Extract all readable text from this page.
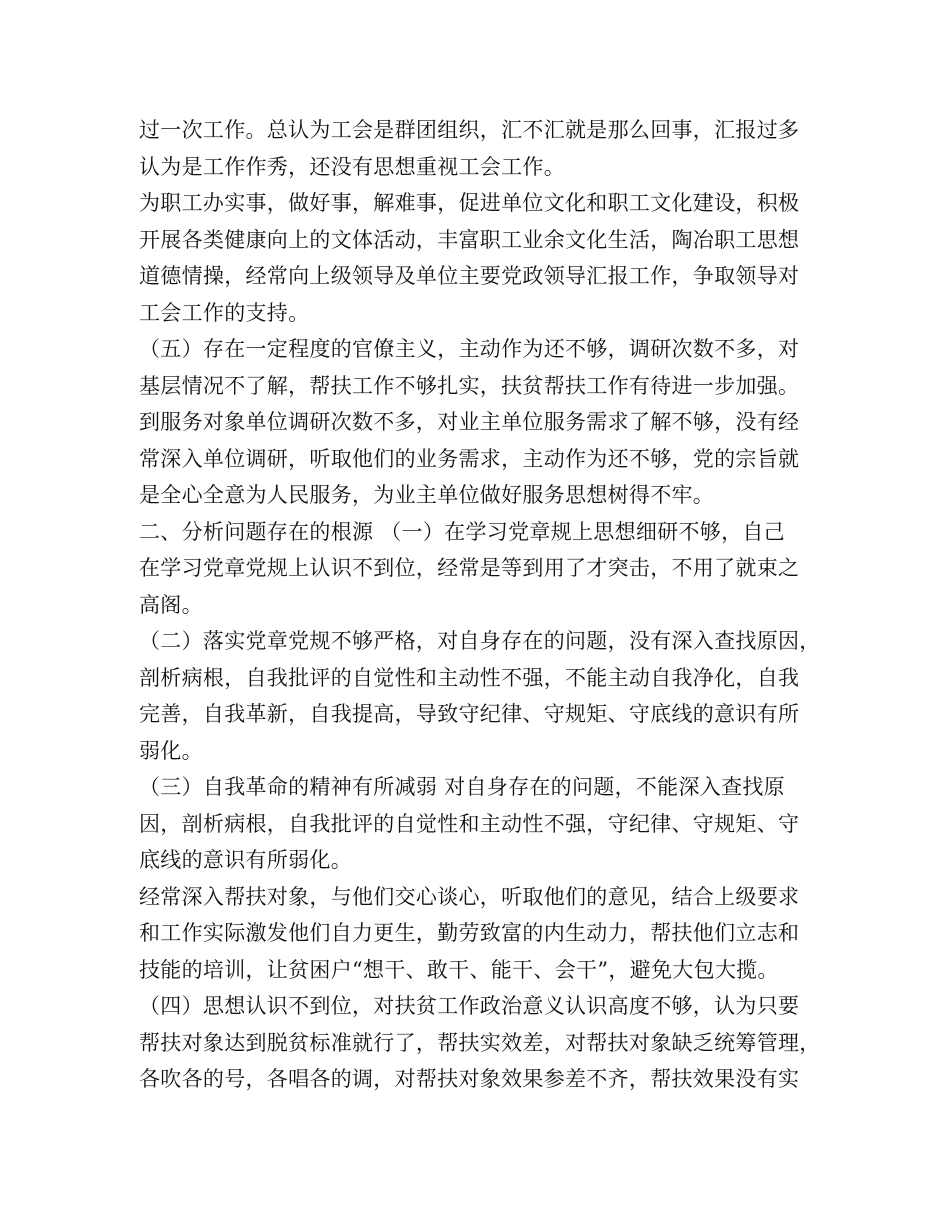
过一次工作。总认为工会是群团组织，汇不汇就是那么回事，汇报过多
认为是工作作秀，还没有思想重视工会工作。
为职工办实事，做好事，解难事，促进单位文化和职工文化建设，积极
开展各类健康向上的文体活动，丰富职工业余文化生活，陶冶职工思想
道德情操，经常向上级领导及单位主要党政领导汇报工作，争取领导对
工会工作的支持。
（五）存在一定程度的官僚主义，主动作为还不够，调研次数不多，对
基层情况不了解，帮扶工作不够扎实，扶贫帮扶工作有待进一步加强。
到服务对象单位调研次数不多，对业主单位服务需求了解不够，没有经
常深入单位调研，听取他们的业务需求，主动作为还不够，党的宗旨就
是全心全意为人民服务，为业主单位做好服务思想树得不牢。
二、分析问题存在的根源 （一）在学习党章规上思想细研不够，自己
在学习党章党规上认识不到位，经常是等到用了才突击，不用了就束之
高阁。
（二）落实党章党规不够严格，对自身存在的问题，没有深入查找原因，
剖析病根，自我批评的自觉性和主动性不强，不能主动自我净化，自我
完善，自我革新，自我提高，导致守纪律、守规矩、守底线的意识有所
弱化。
（三）自我革命的精神有所减弱 对自身存在的问题，不能深入查找原
因，剖析病根，自我批评的自觉性和主动性不强，守纪律、守规矩、守
底线的意识有所弱化。
经常深入帮扶对象，与他们交心谈心，听取他们的意见，结合上级要求
和工作实际激发他们自力更生，勤劳致富的内生动力，帮扶他们立志和
技能的培训，让贫困户“想干、敢干、能干、会干”，避免大包大揽。
（四）思想认识不到位，对扶贫工作政治意义认识高度不够，认为只要
帮扶对象达到脱贫标准就行了，帮扶实效差，对帮扶对象缺乏统筹管理，
各吹各的号，各唱各的调，对帮扶对象效果参差不齐，帮扶效果没有实
